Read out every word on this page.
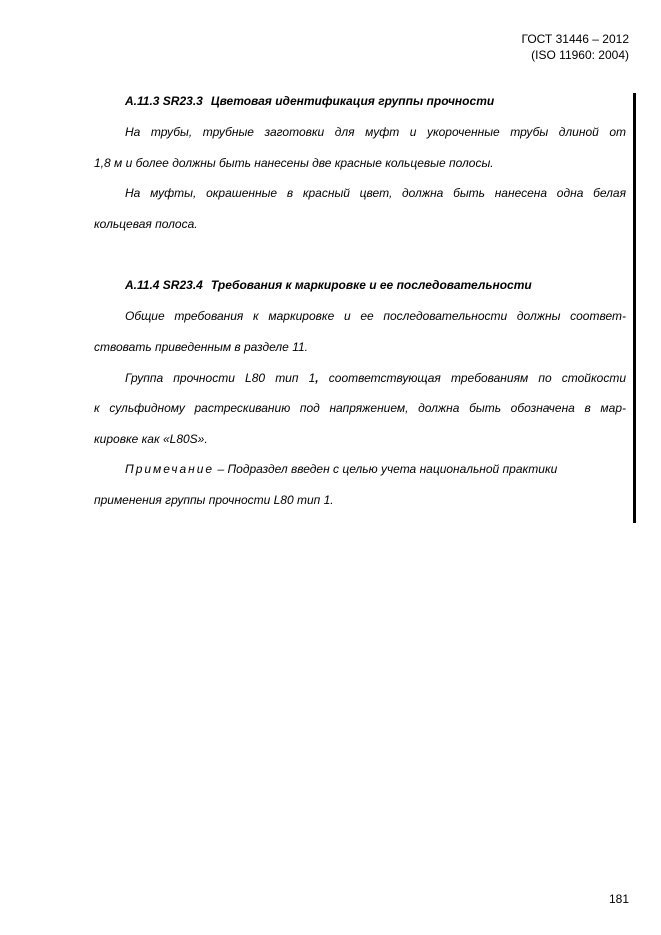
ГОСТ 31446 – 2012
(ISO 11960: 2004)
A.11.3 SR23.3 Цветовая идентификация группы прочности
На трубы, трубные заготовки для муфт и укороченные трубы длиной от
1,8 м и более должны быть нанесены две красные кольцевые полосы.
На муфты, окрашенные в красный цвет, должна быть нанесена одна белая
кольцевая полоса.
A.11.4 SR23.4 Требования к маркировке и ее последовательности
Общие требования к маркировке и ее последовательности должны соответ-
ствовать приведенным в разделе 11.
Группа прочности L80 тип 1, соответствующая требованиям по стойкости
к сульфидному растрескиванию под напряжением, должна быть обозначена в мар-
кировке как «L80S».
Примечание – Подраздел введен с целью учета национальной практики
применения группы прочности L80 тип 1.
181
